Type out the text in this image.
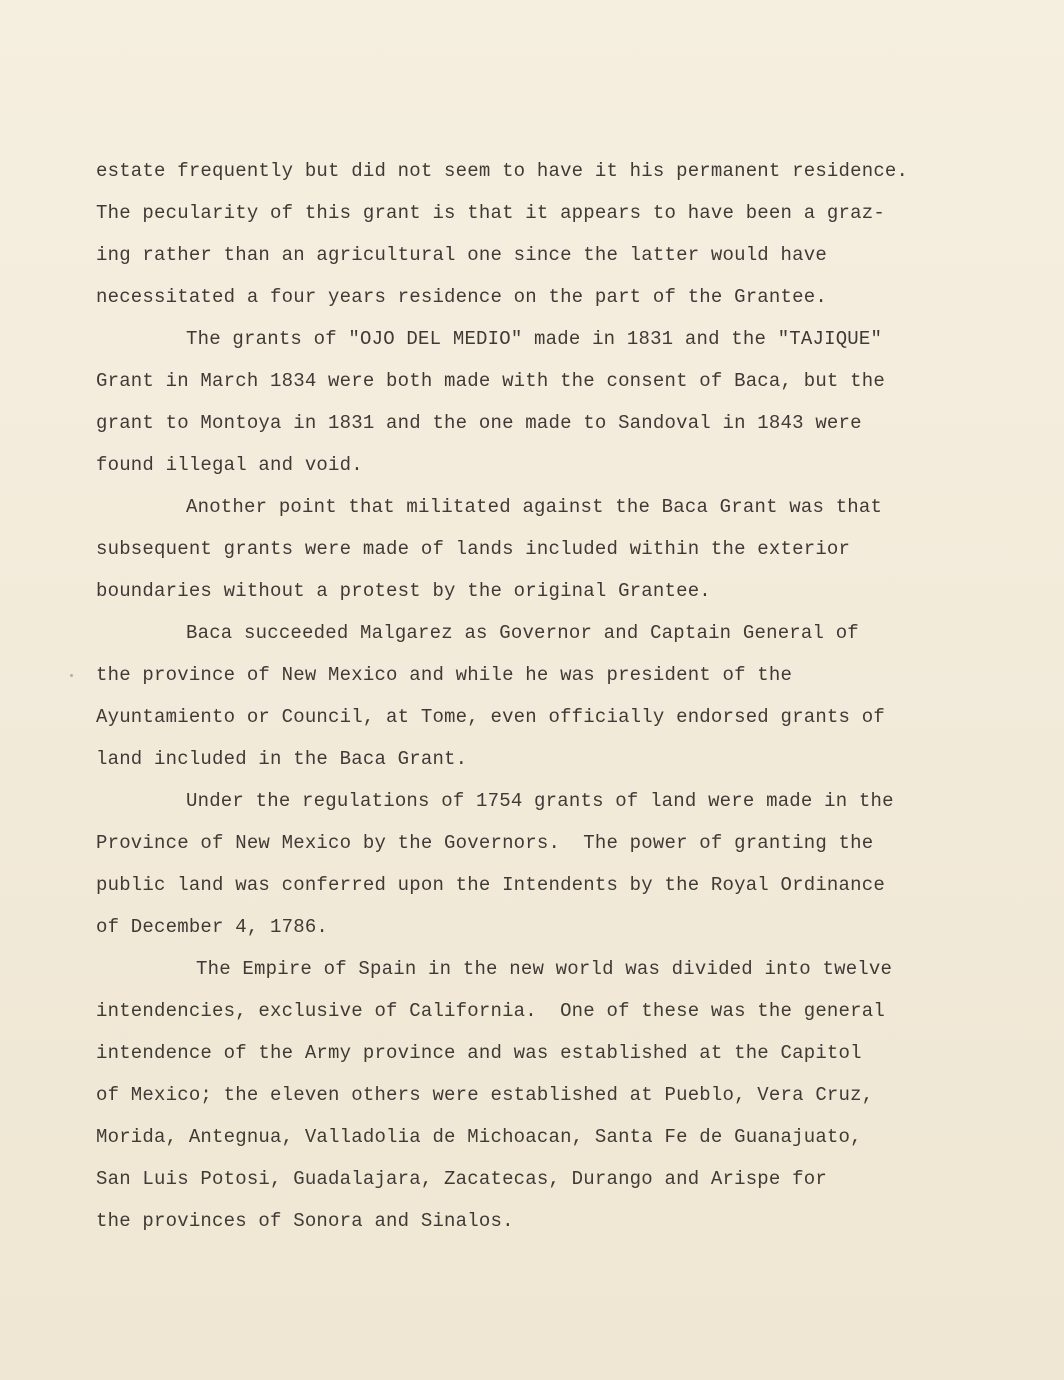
estate frequently but did not seem to have it his permanent residence.
The pecularity of this grant is that it appears to have been a graz-
ing rather than an agricultural one since the latter would have
necessitated a four years residence on the part of the Grantee.
The grants of "OJO DEL MEDIO" made in 1831 and the "TAJIQUE"
Grant in March 1834 were both made with the consent of Baca, but the
grant to Montoya in 1831 and the one made to Sandoval in 1843 were
found illegal and void.
Another point that militated against the Baca Grant was that
subsequent grants were made of lands included within the exterior
boundaries without a protest by the original Grantee.
Baca succeeded Malgarez as Governor and Captain General of
the province of New Mexico and while he was president of the
Ayuntamiento or Council, at Tome, even officially endorsed grants of
land included in the Baca Grant.
Under the regulations of 1754 grants of land were made in the
Province of New Mexico by the Governors.  The power of granting the
public land was conferred upon the Intendents by the Royal Ordinance
of December 4, 1786.
The Empire of Spain in the new world was divided into twelve
intendencies, exclusive of California.  One of these was the general
intendence of the Army province and was established at the Capitol
of Mexico; the eleven others were established at Pueblo, Vera Cruz,
Morida, Antegnua, Valladolia de Michoacan, Santa Fe de Guanajuato,
San Luis Potosi, Guadalajara, Zacatecas, Durango and Arispe for
the provinces of Sonora and Sinalos.
